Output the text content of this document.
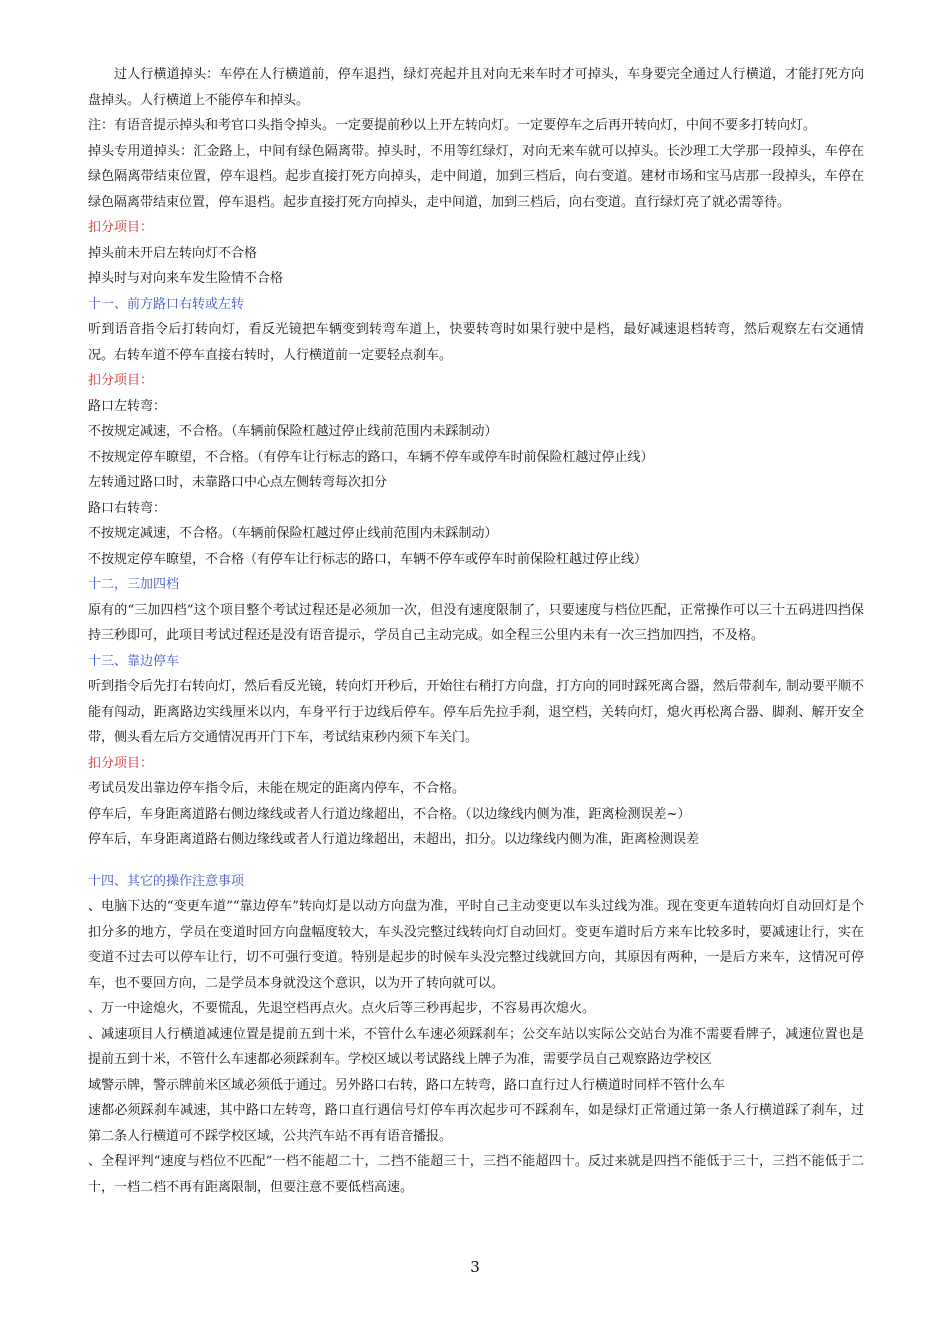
过人行横道掉头：车停在人行横道前，停车退挡，绿灯亮起并且对向无来车时才可掉头，车身要完全通过人行横道，才能打死方向盘掉头。人行横道上不能停车和掉头。

注：有语音提示掉头和考官口头指令掉头。一定要提前秒以上开左转向灯。一定要停车之后再开转向灯，中间不要多打转向灯。

掉头专用道掉头：汇金路上，中间有绿色隔离带。掉头时，不用等红绿灯，对向无来车就可以掉头。长沙理工大学那一段掉头，车停在绿色隔离带结束位置，停车退档。起步直接打死方向掉头，走中间道，加到三档后，向右变道。建材市场和宝马店那一段掉头，车停在绿色隔离带结束位置，停车退档。起步直接打死方向掉头，走中间道，加到三档后，向右变道。直行绿灯亮了就必需等待。

扣分项目：

掉头前未开启左转向灯不合格

掉头时与对向来车发生险情不合格

十一、前方路口右转或左转

听到语音指令后打转向灯，看反光镜把车辆变到转弯车道上，快要转弯时如果行驶中是档，最好减速退档转弯，然后观察左右交通情况。右转车道不停车直接右转时，人行横道前一定要轻点刹车。

扣分项目：

路口左转弯：

不按规定减速，不合格。（车辆前保险杠越过停止线前范围内未踩制动）

不按规定停车瞭望，不合格。（有停车让行标志的路口，车辆不停车或停车时前保险杠越过停止线）

左转通过路口时，未靠路口中心点左侧转弯每次扣分

路口右转弯：

不按规定减速，不合格。（车辆前保险杠越过停止线前范围内未踩制动）

不按规定停车瞭望，不合格（有停车让行标志的路口，车辆不停车或停车时前保险杠越过停止线）

十二，三加四档

原有的“三加四档”这个项目整个考试过程还是必须加一次，但没有速度限制了，只要速度与档位匹配，正常操作可以三十五码进四挡保持三秒即可，此项目考试过程还是没有语音提示，学员自己主动完成。如全程三公里内未有一次三挡加四挡，不及格。

十三、靠边停车

听到指令后先打右转向灯，然后看反光镜，转向灯开秒后，开始往右稍打方向盘，打方向的同时踩死离合器，然后带刹车, 制动要平顺不能有闯动，距离路边实线厘米以内，车身平行于边线后停车。停车后先拉手刹，退空档，关转向灯，熄火再松离合器、脚刹、解开安全带，侧头看左后方交通情况再开门下车，考试结束秒内须下车关门。

扣分项目：

考试员发出靠边停车指令后，未能在规定的距离内停车，不合格。

停车后，车身距离道路右侧边缘线或者人行道边缘超出，不合格。（以边缘线内侧为准，距离检测误差~）

停车后，车身距离道路右侧边缘线或者人行道边缘超出，未超出，扣分。以边缘线内侧为准，距离检测误差

十四、其它的操作注意事项

、电脑下达的“变更车道”“靠边停车”转向灯是以动方向盘为准，平时自己主动变更以车头过线为准。现在变更车道转向灯自动回灯是个扣分多的地方，学员在变道时回方向盘幅度较大，车头没完整过线转向灯自动回灯。变更车道时后方来车比较多时，要减速让行，实在变道不过去可以停车让行，切不可强行变道。特别是起步的时候车头没完整过线就回方向，其原因有两种，一是后方来车，这情况可停车，也不要回方向，二是学员本身就没这个意识，以为开了转向就可以。

、万一中途熄火，不要慌乱，先退空档再点火。点火后等三秒再起步，不容易再次熄火。

、减速项目人行横道减速位置是提前五到十米，不管什么车速必须踩刹车；公交车站以实际公交站台为准不需要看牌子，减速位置也是提前五到十米，不管什么车速都必须踩刹车。学校区域以考试路线上牌子为准，需要学员自己观察路边学校区

域警示牌，警示牌前米区域必须低于通过。另外路口右转，路口左转弯，路口直行过人行横道时同样不管什么车

速都必须踩刹车减速，其中路口左转弯，路口直行遇信号灯停车再次起步可不踩刹车，如是绿灯正常通过第一条人行横道踩了刹车，过第二条人行横道可不踩学校区域，公共汽车站不再有语音播报。

、全程评判“速度与档位不匹配”一档不能超二十，二挡不能超三十，三挡不能超四十。反过来就是四挡不能低于三十，三挡不能低于二十，一档二档不再有距离限制，但要注意不要低档高速。

3
